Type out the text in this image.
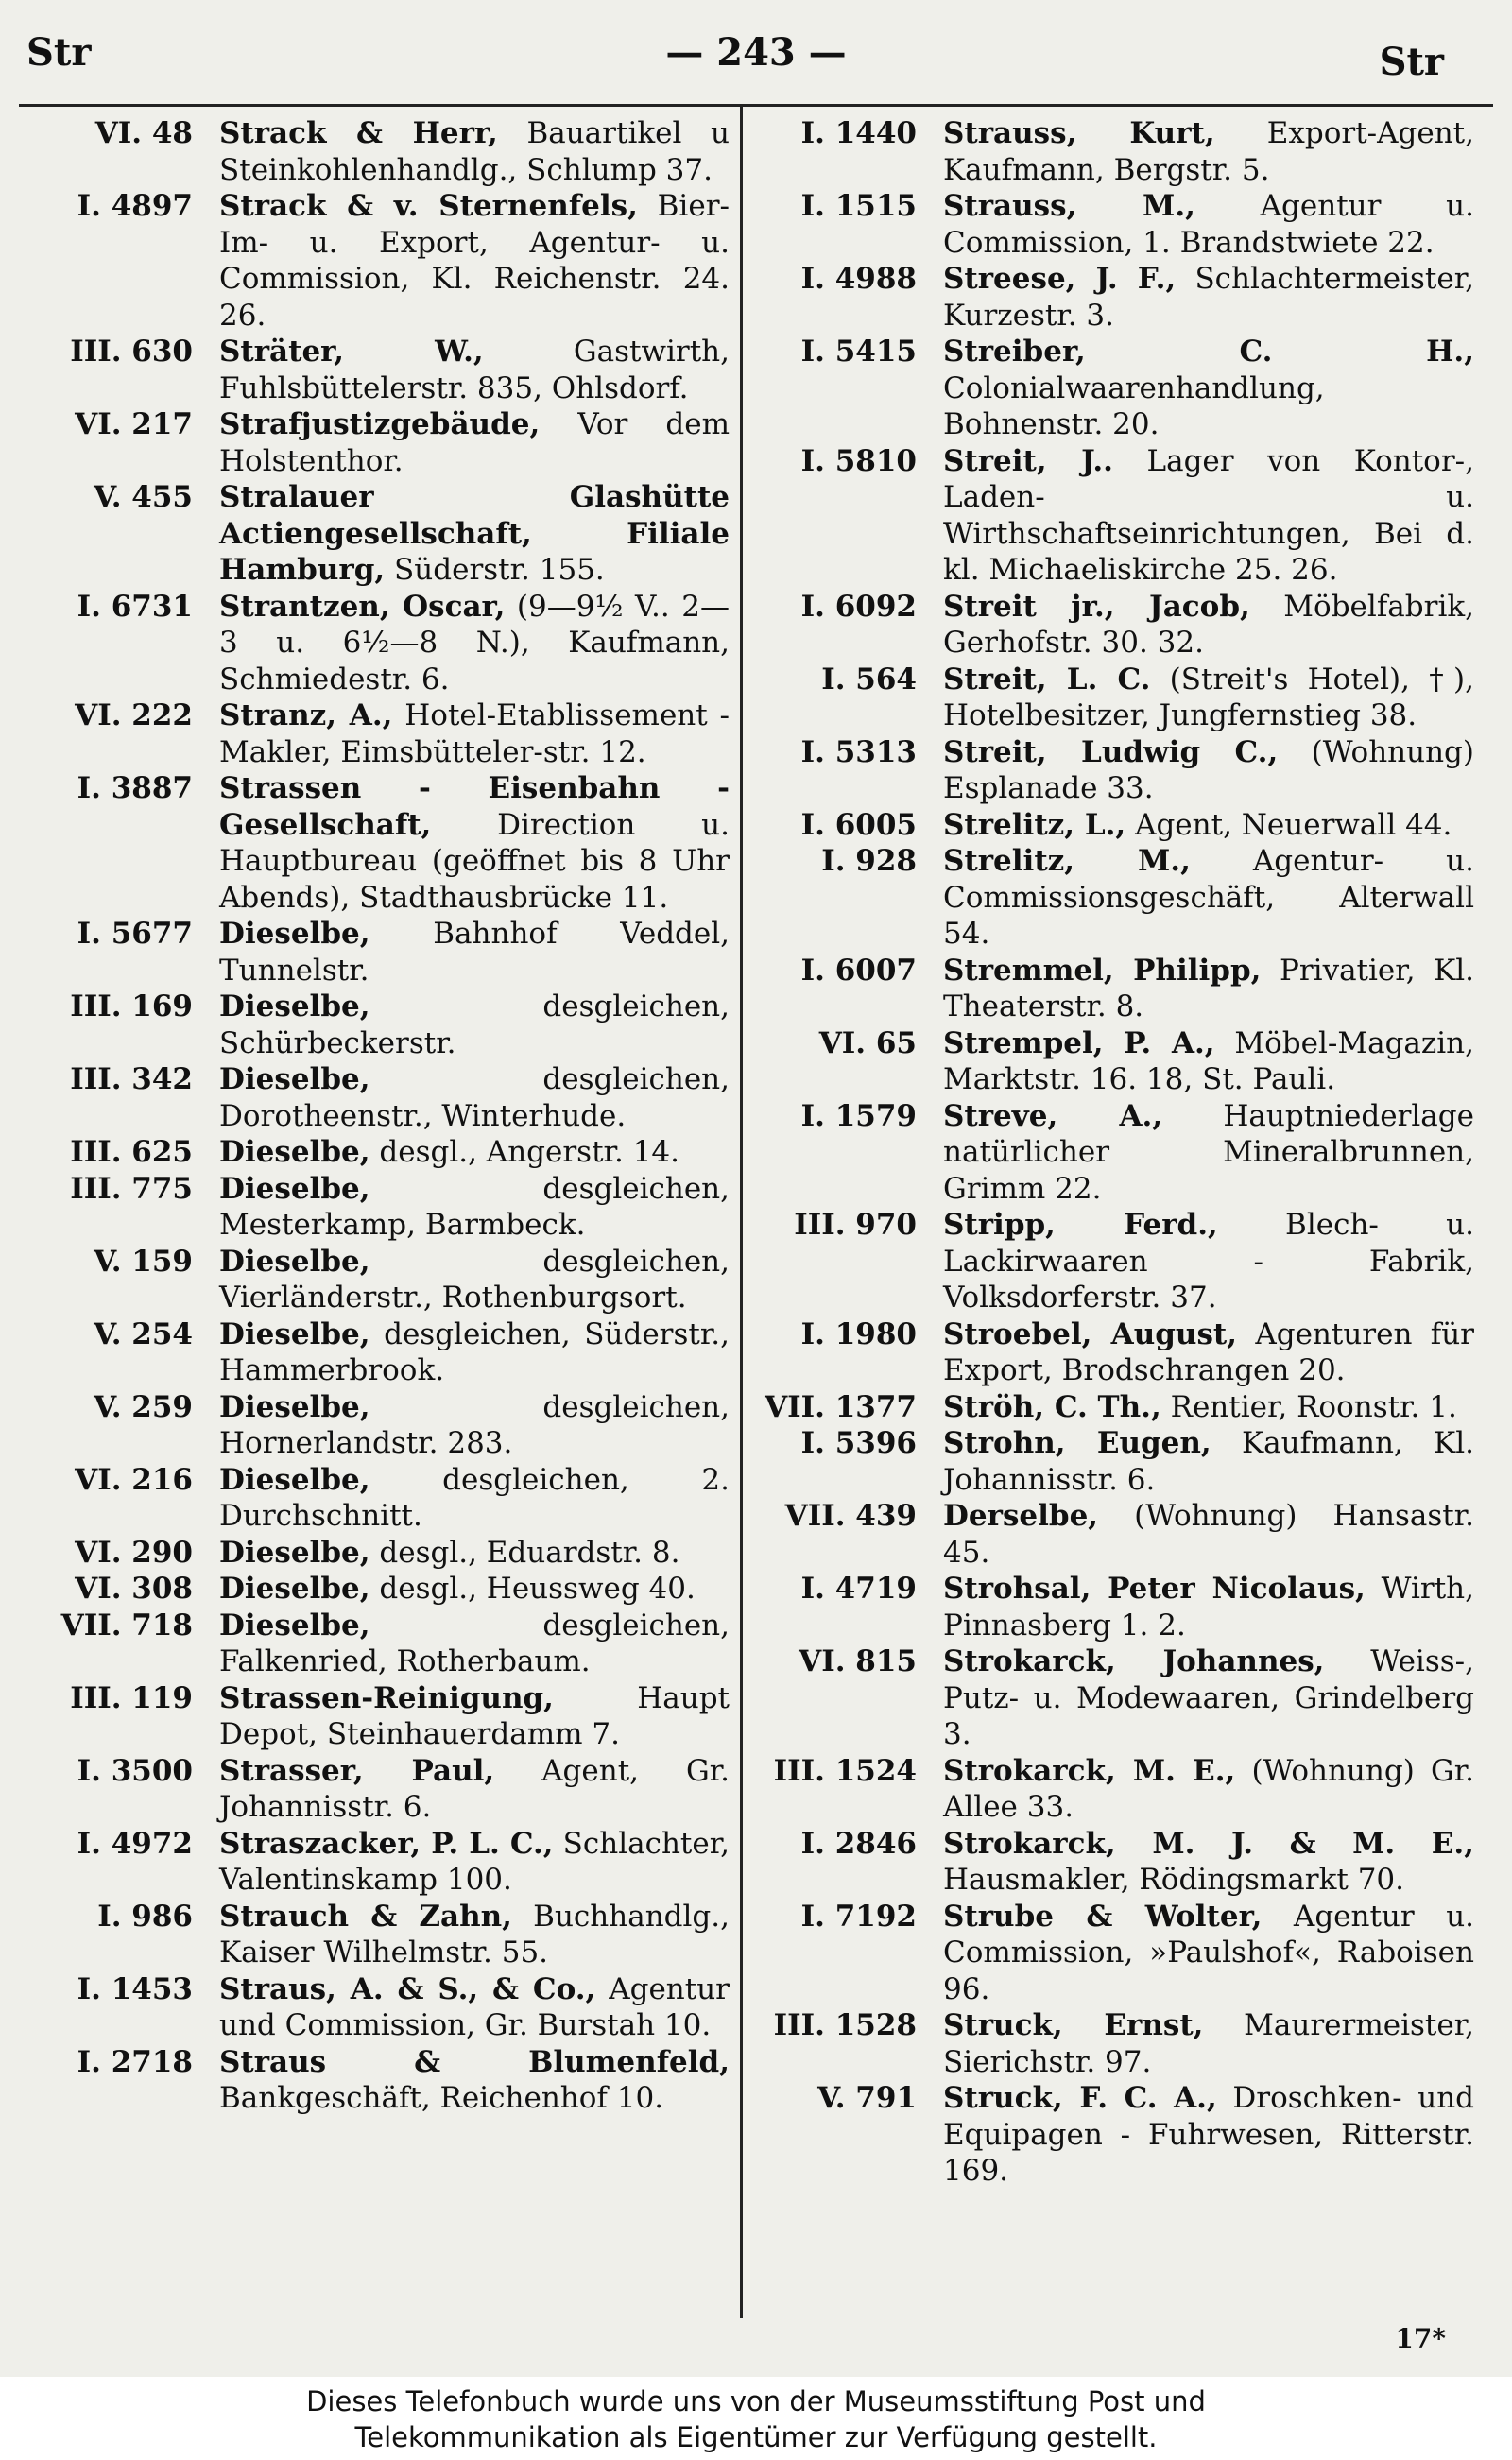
— 243 —
Str	Str
VI. 48 Strack & Herr, Bauartikel u Steinkohlenhandlg., Schlump 37.
I. 4897 Strack & v. Sternenfels, Bier-Im- u. Export, Agentur- u. Commission, Kl. Reichenstr. 24. 26.
III. 630 Sträter, W., Gastwirth, Fuhlsbüttelerstr. 835, Ohlsdorf.
VI. 217 Strafjustizgebäude, Vor dem Holstenthor.
V. 455 Stralauer Glashütte Actiengesellschaft, Filiale Hamburg, Süderstr. 155.
I. 6731 Strantzen, Oscar, (9—9½ V.. 2—3 u. 6½—8 N.), Kaufmann, Schmiedestr. 6.
VI. 222 Stranz, A., Hotel-Etablissement - Makler, Eimsbütteler-str. 12.
I. 3887 Strassen - Eisenbahn - Gesellschaft, Direction u. Hauptbureau (geöffnet bis 8 Uhr Abends), Stadthausbrücke 11.
I. 5677 Dieselbe, Bahnhof Veddel, Tunnelstr.
III. 169 Dieselbe, desgleichen, Schürbeckerstr.
III. 342 Dieselbe, desgleichen, Dorotheenstr., Winterhude.
III. 625 Dieselbe, desgl., Angerstr. 14.
III. 775 Dieselbe, desgleichen, Mesterkamp, Barmbeck.
V. 159 Dieselbe, desgleichen, Vierländerstr., Rothenburgsort.
V. 254 Dieselbe, desgleichen, Süderstr., Hammerbrook.
V. 259 Dieselbe, desgleichen, Hornerlandstr. 283.
VI. 216 Dieselbe, desgleichen, 2. Durchschnitt.
VI. 290 Dieselbe, desgl., Eduardstr. 8.
VI. 308 Dieselbe, desgl., Heussweg 40.
VII. 718 Dieselbe, desgleichen, Falkenried, Rotherbaum.
III. 119 Strassen-Reinigung, Haupt Depot, Steinhauerdamm 7.
I. 3500 Strasser, Paul, Agent, Gr. Johannisstr. 6.
I. 4972 Straszacker, P. L. C., Schlachter, Valentinskamp 100.
I. 986 Strauch & Zahn, Buchhandlg., Kaiser Wilhelmstr. 55.
I. 1453 Straus, A. & S., & Co., Agentur und Commission, Gr. Burstah 10.
I. 2718 Straus & Blumenfeld, Bankgeschäft, Reichenhof 10.
I. 1440 Strauss, Kurt, Export-Agent, Kaufmann, Bergstr. 5.
I. 1515 Strauss, M., Agentur u. Commission, 1. Brandstwiete 22.
I. 4988 Streese, J. F., Schlachtermeister, Kurzestr. 3.
I. 5415 Streiber, C. H., Colonialwaarenhandlung, Bohnenstr. 20.
I. 5810 Streit, J.. Lager von Kontor-, Laden- u. Wirthschaftseinrichtungen, Bei d. kl. Michaeliskirche 25. 26.
I. 6092 Streit jr., Jacob, Möbelfabrik, Gerhofstr. 30. 32.
I. 564 Streit, L. C. (Streit's Hotel), †), Hotelbesitzer, Jungfernstieg 38.
I. 5313 Streit, Ludwig C., (Wohnung) Esplanade 33.
I. 6005 Strelitz, L., Agent, Neuerwall 44.
I. 928 Strelitz, M., Agentur- u. Commissionsgeschäft, Alterwall 54.
I. 6007 Stremmel, Philipp, Privatier, Kl. Theaterstr. 8.
VI. 65 Strempel, P. A., Möbel-Magazin, Marktstr. 16. 18, St. Pauli.
I. 1579 Streve, A., Hauptniederlage natürlicher Mineralbrunnen, Grimm 22.
III. 970 Stripp, Ferd., Blech- u. Lackirwaaren - Fabrik, Volksdorferstr. 37.
I. 1980 Stroebel, August, Agenturen für Export, Brodschrangen 20.
VII. 1377 Ströh, C. Th., Rentier, Roonstr. 1.
I. 5396 Strohn, Eugen, Kaufmann, Kl. Johannisstr. 6.
VII. 439 Derselbe, (Wohnung) Hansastr. 45.
I. 4719 Strohsal, Peter Nicolaus, Wirth, Pinnasberg 1. 2.
VI. 815 Strokarck, Johannes, Weiss-, Putz- u. Modewaaren, Grindelberg 3.
III. 1524 Strokarck, M. E., (Wohnung) Gr. Allee 33.
I. 2846 Strokarck, M. J. & M. E., Hausmakler, Rödingsmarkt 70.
I. 7192 Strube & Wolter, Agentur u. Commission, »Paulshof«, Raboisen 96.
III. 1528 Struck, Ernst, Maurermeister, Sierichstr. 97.
V. 791 Struck, F. C. A., Droschken- und Equipagen - Fuhrwesen, Ritterstr. 169.
17*
Dieses Telefonbuch wurde uns von der Museumsstiftung Post und
Telekommunikation als Eigentümer zur Verfügung gestellt.
